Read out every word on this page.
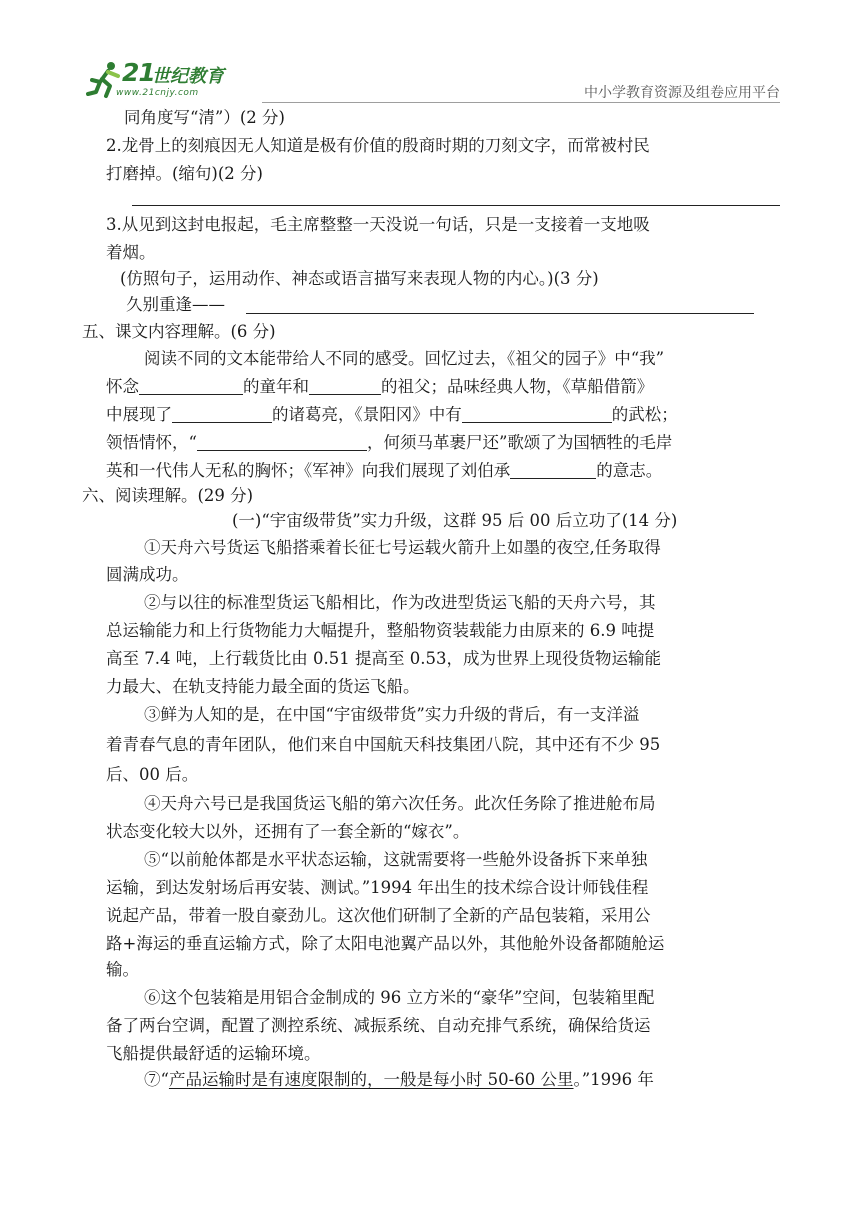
21
世纪教育
www.21cnjy.com	中小学教育资源及组卷应用平台
同角度写“清”）(2 分)
2.龙骨上的刻痕因无人知道是极有价值的殷商时期的刀刻文字，而常被村民
打磨掉。(缩句)(2 分)
3.从见到这封电报起，毛主席整整一天没说一句话，只是一支接着一支地吸
着烟。
(仿照句子，运用动作、神态或语言描写来表现人物的内心。)(3 分)
久别重逢——
五、课文内容理解。(6 分)
阅读不同的文本能带给人不同的感受。回忆过去，《祖父的园子》中“我”
怀念	的童年和	的祖父；品味经典人物，《草船借箭》
中展现了	的诸葛亮，《景阳冈》中有	的武松；
领悟情怀，“	，何须马革裹尸还”歌颂了为国牺牲的毛岸
英和一代伟人无私的胸怀；《军神》向我们展现了刘伯承	的意志。
六、阅读理解。(29 分)
(一)“宇宙级带货”实力升级，这群 95 后 00 后立功了(14 分)
①天舟六号货运飞船搭乘着长征七号运载火箭升上如墨的夜空,任务取得
圆满成功。
②与以往的标准型货运飞船相比，作为改进型货运飞船的天舟六号，其
总运输能力和上行货物能力大幅提升，整船物资装载能力由原来的 6.9 吨提
高至 7.4 吨，上行载货比由 0.51 提高至 0.53，成为世界上现役货物运输能
力最大、在轨支持能力最全面的货运飞船。
③鲜为人知的是，在中国“宇宙级带货”实力升级的背后，有一支洋溢
着青春气息的青年团队，他们来自中国航天科技集团八院，其中还有不少 95
后、00 后。
④天舟六号已是我国货运飞船的第六次任务。此次任务除了推进舱布局
状态变化较大以外，还拥有了一套全新的“嫁衣”。
⑤“以前舱体都是水平状态运输，这就需要将一些舱外设备拆下来单独
运输，到达发射场后再安装、测试。”1994 年出生的技术综合设计师钱佳程
说起产品，带着一股自豪劲儿。这次他们研制了全新的产品包装箱，采用公
路+海运的垂直运输方式，除了太阳电池翼产品以外，其他舱外设备都随舱运
输。
⑥这个包装箱是用铝合金制成的 96 立方米的“豪华”空间，包装箱里配
备了两台空调，配置了测控系统、减振系统、自动充排气系统，确保给货运
飞船提供最舒适的运输环境。
⑦“产品运输时是有速度限制的，一般是每小时 50-60 公里。”1996 年
